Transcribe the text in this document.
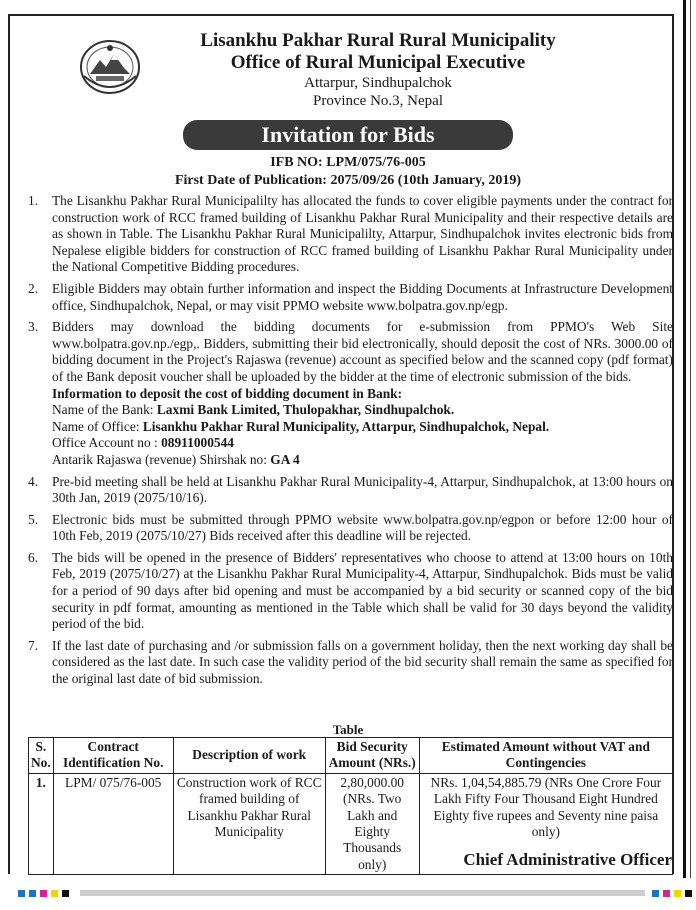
Lisankhu Pakhar Rural Rural Municipality
Office of Rural Municipal Executive
Attarpur, Sindhupalchok
Province No.3, Nepal
Invitation for Bids
IFB NO: LPM/075/76-005
First Date of Publication: 2075/09/26 (10th January, 2019)
1.	The Lisankhu Pakhar Rural Municipalilty has allocated the funds to cover eligible payments under the contract for construction work of RCC framed building of Lisankhu Pakhar Rural Municipality and their respective details are as shown in Table. The Lisankhu Pakhar Rural Municipalilty, Attarpur, Sindhupalchok invites electronic bids from Nepalese eligible bidders for construction of RCC framed building of Lisankhu Pakhar Rural Municipality under the National Competitive Bidding procedures.
2.	Eligible Bidders may obtain further information and inspect the Bidding Documents at Infrastructure Development office, Sindhupalchok, Nepal, or may visit PPMO website www.bolpatra.gov.np/egp.
3.	Bidders may download the bidding documents for e-submission from PPMO's Web Site www.bolpatra.gov.np./egp,. Bidders, submitting their bid electronically, should deposit the cost of NRs. 3000.00 of bidding document in the Project's Rajaswa (revenue) account as specified below and the scanned copy (pdf format) of the Bank deposit voucher shall be uploaded by the bidder at the time of electronic submission of the bids.
Information to deposit the cost of bidding document in Bank:
Name of the Bank: Laxmi Bank Limited, Thulopakhar, Sindhupalchok.
Name of Office: Lisankhu Pakhar Rural Municipality, Attarpur, Sindhupalchok, Nepal.
Office Account no : 08911000544
Antarik Rajaswa (revenue) Shirshak no: GA 4
4.	Pre-bid meeting shall be held at Lisankhu Pakhar Rural Municipality-4, Attarpur, Sindhupalchok, at 13:00 hours on 30th Jan, 2019 (2075/10/16).
5.	Electronic bids must be submitted through PPMO website www.bolpatra.gov.np/egpon or before 12:00 hour of 10th Feb, 2019 (2075/10/27) Bids received after this deadline will be rejected.
6.	The bids will be opened in the presence of Bidders' representatives who choose to attend at 13:00 hours on 10th Feb, 2019 (2075/10/27) at the Lisankhu Pakhar Rural Municipality-4, Attarpur, Sindhupalchok. Bids must be valid for a period of 90 days after bid opening and must be accompanied by a bid security or scanned copy of the bid security in pdf format, amounting as mentioned in the Table which shall be valid for 30 days beyond the validity period of the bid.
7.	If the last date of purchasing and /or submission falls on a government holiday, then the next working day shall be considered as the last date. In such case the validity period of the bid security shall remain the same as specified for the original last date of bid submission.
Table
S. No.	Contract Identification No.	Description of work	Bid Security Amount (NRs.)	Estimated Amount without VAT and Contingencies
1.	LPM/ 075/76-005	Construction work of RCC framed building of Lisankhu Pakhar Rural Municipality	2,80,000.00 (NRs. Two Lakh and Eighty Thousands only)	NRs. 1,04,54,885.79 (NRs One Crore Four Lakh Fifty Four Thousand Eight Hundred Eighty five rupees and Seventy nine paisa only)
Chief Administrative Officer
